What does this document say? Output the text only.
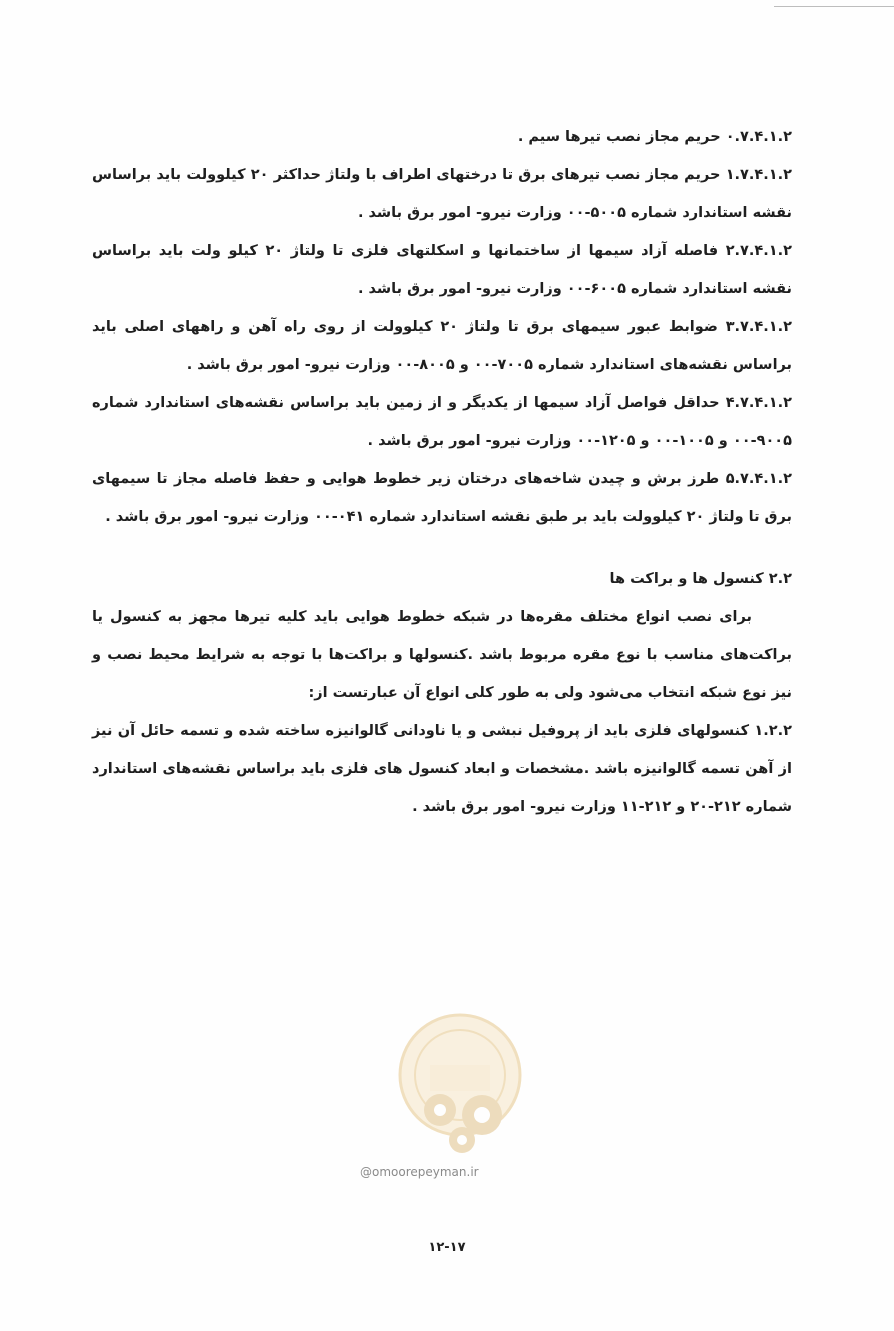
۰.۷.۴.۱.۲ حریم مجاز نصب تیرها سیم .

۱.۷.۴.۱.۲ حریم مجاز نصب تیرهای برق تا درختهای اطراف با ولتاژ حداکثر ۲۰ کیلوولت باید براساس نقشه استاندارد شماره ۵۰۰۵-۰۰ وزارت نیرو- امور برق باشد .

۲.۷.۴.۱.۲ فاصله آزاد سیمها از ساختمانها و اسکلتهای فلزی تا ولتاژ ۲۰ کیلو ولت باید براساس نقشه استاندارد شماره ۶۰۰۵-۰۰ وزارت نیرو- امور برق باشد .

۳.۷.۴.۱.۲ ضوابط عبور سیمهای برق تا ولتاژ ۲۰ کیلوولت از روی راه آهن و راههای اصلی باید براساس نقشه‌های استاندارد شماره ۷۰۰۵-۰۰ و ۸۰۰۵-۰۰ وزارت نیرو- امور برق باشد .

۴.۷.۴.۱.۲ حداقل فواصل آزاد سیمها از یکدیگر و از زمین باید براساس نقشه‌های استاندارد شماره ۹۰۰۵-۰۰ و ۱۰۰۵-۰۰ و ۱۲۰۵-۰۰ وزارت نیرو- امور برق باشد .

۵.۷.۴.۱.۲ طرز برش و چیدن شاخه‌های درختان زیر خطوط هوایی و حفظ فاصله مجاز تا سیمهای برق تا ولتاژ ۲۰ کیلوولت باید بر طبق نقشه استاندارد شماره ۰۴۱-۰۰ وزارت نیرو- امور برق باشد .

۲.۲ کنسول ها و براکت ها

برای نصب انواع مختلف مقره‌ها در شبکه خطوط هوایی باید کلیه تیرها مجهز به کنسول یا براکت‌های مناسب با نوع مقره مربوط باشد .کنسولها و براکت‌ها با توجه به شرایط محیط نصب و نیز نوع شبکه انتخاب می‌شود ولی به طور کلی انواع آن عبارتست از:

۱.۲.۲ کنسولهای فلزی باید از پروفیل نبشی و یا ناودانی گالوانیزه ساخته شده و تسمه حائل آن نیز از آهن تسمه گالوانیزه باشد .مشخصات و ابعاد کنسول های فلزی باید براساس نقشه‌های استاندارد شماره ۲۱۲-۲۰ و ۲۱۲-۱۱ وزارت نیرو- امور برق باشد .

@omoorepeyman.ir
۱۲-۱۷
